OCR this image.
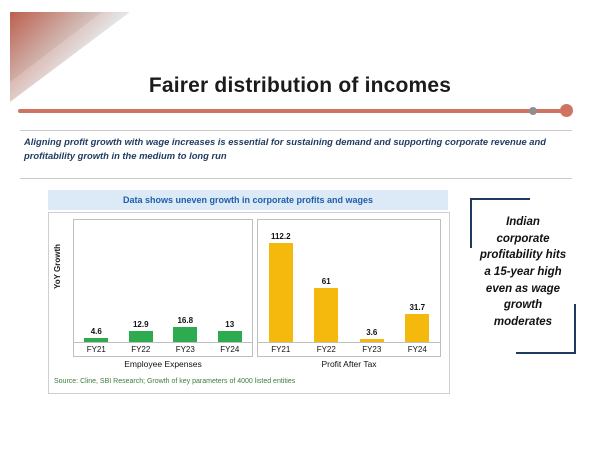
Fairer distribution of incomes
Aligning profit growth with wage increases is essential for sustaining demand and supporting corporate revenue and profitability growth in the medium to long run
Data shows uneven growth in corporate profits and wages
YoY Growth
4.6
12.9	16.8	13
112.2
61
3.6
31.7
FY21	FY22	FY23	FY24	FY21	FY22	FY23	FY24
Employee Expenses	Profit After Tax
Source: Cline, SBI Research; Growth of key parameters of 4000 listed entities
Indian corporate profitability hits a 15-year high even as wage growth moderates
